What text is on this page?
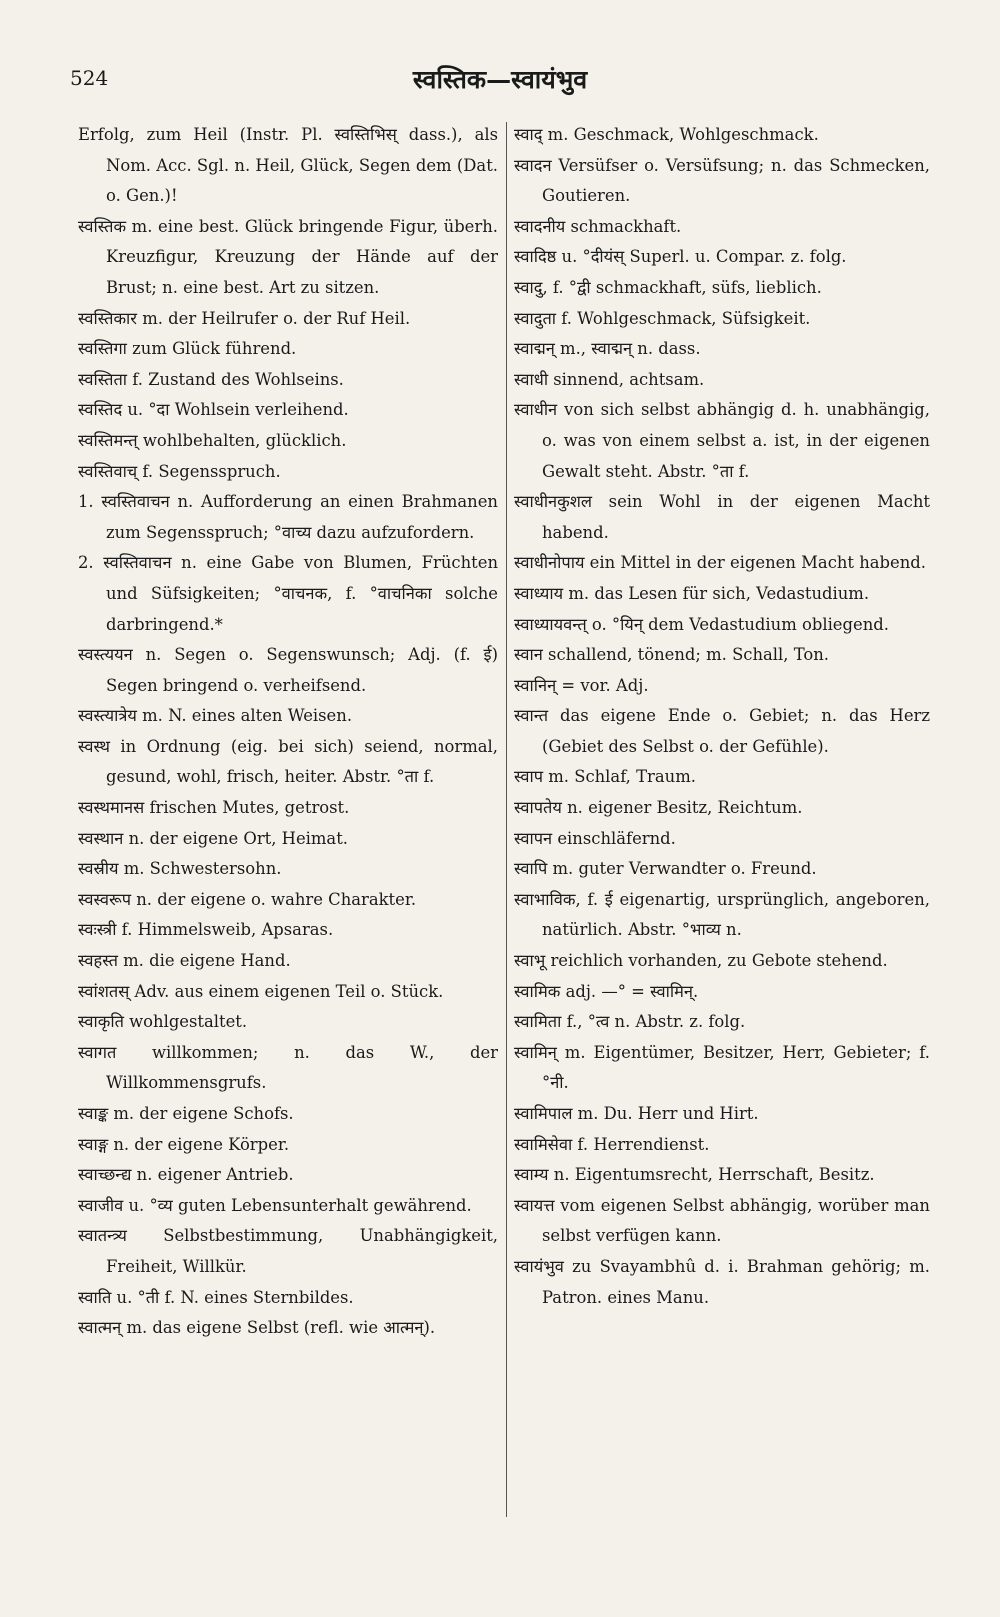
524	स्वस्तिक—स्वायंभुव

Erfolg, zum Heil (Instr. Pl. स्वस्तिभिस् dass.), als Nom. Acc. Sgl. n. Heil, Glück, Segen dem (Dat. o. Gen.)!

स्वस्तिक m. eine best. Glück bringende Figur, überh. Kreuzfigur, Kreuzung der Hände auf der Brust; n. eine best. Art zu sitzen.

स्वस्तिकार m. der Heilrufer o. der Ruf Heil.

स्वस्तिगा zum Glück führend.

स्वस्तिता f. Zustand des Wohlseins.

स्वस्तिद u. °दा Wohlsein verleihend.

स्वस्तिमन्त् wohlbehalten, glücklich.

स्वस्तिवाच् f. Segensspruch.

1. स्वस्तिवाचन n. Aufforderung an einen Brahmanen zum Segensspruch; °वाच्य dazu aufzufordern.

2. स्वस्तिवाचन n. eine Gabe von Blumen, Früchten und Süfsigkeiten; °वाचनक, f. °वाचनिका solche darbringend.*

स्वस्त्ययन n. Segen o. Segenswunsch; Adj. (f. ई) Segen bringend o. verheifsend.

स्वस्त्यात्रेय m. N. eines alten Weisen.

स्वस्थ in Ordnung (eig. bei sich) seiend, normal, gesund, wohl, frisch, heiter. Abstr. °ता f.

स्वस्थमानस frischen Mutes, getrost.

स्वस्थान n. der eigene Ort, Heimat.

स्वस्रीय m. Schwestersohn.

स्वस्वरूप n. der eigene o. wahre Charakter.

स्वःस्त्री f. Himmelsweib, Apsaras.

स्वहस्त m. die eigene Hand.

स्वांशतस् Adv. aus einem eigenen Teil o. Stück.

स्वाकृति wohlgestaltet.

स्वागत willkommen; n. das W., der Willkommensgrufs.

स्वाङ्क m. der eigene Schofs.

स्वाङ्ग n. der eigene Körper.

स्वाच्छन्द्य n. eigener Antrieb.

स्वाजीव u. °व्य guten Lebensunterhalt gewährend.

स्वातन्त्र्य Selbstbestimmung, Unabhängigkeit, Freiheit, Willkür.

स्वाति u. °ती f. N. eines Sternbildes.

स्वात्मन् m. das eigene Selbst (refl. wie आत्मन्).

स्वाद् m. Geschmack, Wohlgeschmack.

स्वादन Versüfser o. Versüfsung; n. das Schmecken, Goutieren.

स्वादनीय schmackhaft.

स्वादिष्ठ u. °दीयंस् Superl. u. Compar. z. folg.

स्वादु, f. °द्वी schmackhaft, süfs, lieblich.

स्वादुता f. Wohlgeschmack, Süfsigkeit.

स्वाद्मन् m., स्वाद्मन् n. dass.

स्वाधी sinnend, achtsam.

स्वाधीन von sich selbst abhängig d. h. unabhängig, o. was von einem selbst a. ist, in der eigenen Gewalt steht. Abstr. °ता f.

स्वाधीनकुशल sein Wohl in der eigenen Macht habend.

स्वाधीनोपाय ein Mittel in der eigenen Macht habend.

स्वाध्याय m. das Lesen für sich, Vedastudium.

स्वाध्यायवन्त् o. °यिन् dem Vedastudium obliegend.

स्वान schallend, tönend; m. Schall, Ton.

स्वानिन् = vor. Adj.

स्वान्त das eigene Ende o. Gebiet; n. das Herz (Gebiet des Selbst o. der Gefühle).

स्वाप m. Schlaf, Traum.

स्वापतेय n. eigener Besitz, Reichtum.

स्वापन einschläfernd.

स्वापि m. guter Verwandter o. Freund.

स्वाभाविक, f. ई eigenartig, ursprünglich, angeboren, natürlich. Abstr. °भाव्य n.

स्वाभू reichlich vorhanden, zu Gebote stehend.

स्वामिक adj. —° = स्वामिन्.

स्वामिता f., °त्व n. Abstr. z. folg.

स्वामिन् m. Eigentümer, Besitzer, Herr, Gebieter; f. °नी.

स्वामिपाल m. Du. Herr und Hirt.

स्वामिसेवा f. Herrendienst.

स्वाम्य n. Eigentumsrecht, Herrschaft, Besitz.

स्वायत्त vom eigenen Selbst abhängig, worüber man selbst verfügen kann.

स्वायंभुव zu Svayambhû d. i. Brahman gehörig; m. Patron. eines Manu.
